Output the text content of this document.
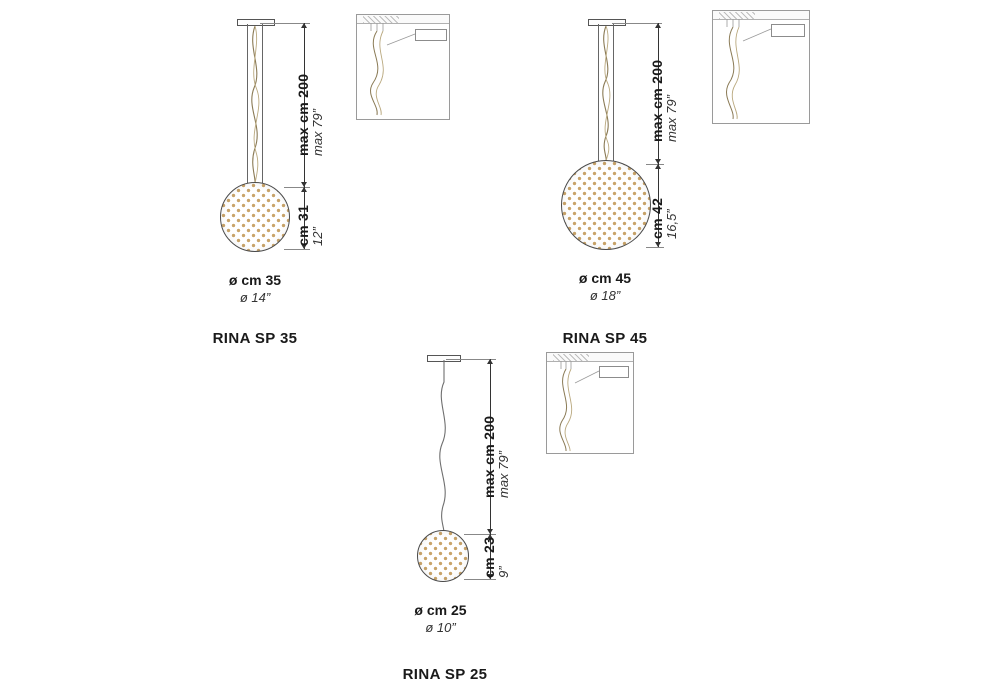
max cm 200
max 79”
cm 31
12”
ø cm 35
ø 14”
RINA SP 35
max cm 200
max 79”
cm 42
16,5”
ø cm 45
ø 18”
RINA SP 45
max cm 200
max 79”
cm 23
9”
ø cm 25
ø 10”
RINA SP 25
